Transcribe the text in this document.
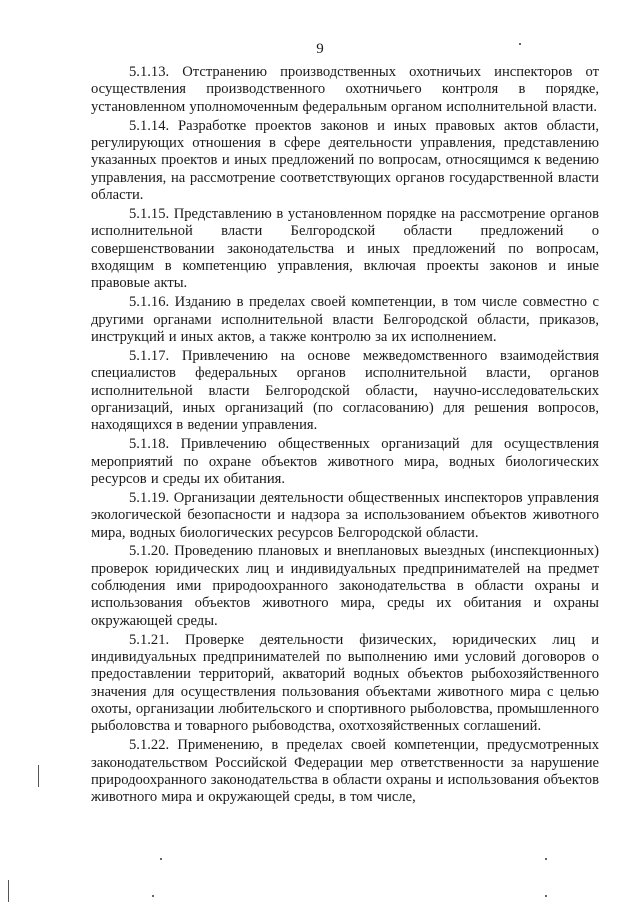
9

5.1.13. Отстранению производственных охотничьих инспекторов от осуществления производственного охотничьего контроля в порядке, установленном уполномоченным федеральным органом исполнительной власти.

5.1.14. Разработке проектов законов и иных правовых актов области, регулирующих отношения в сфере деятельности управления, представлению указанных проектов и иных предложений по вопросам, относящимся к ведению управления, на рассмотрение соответствующих органов государственной власти области.

5.1.15. Представлению в установленном порядке на рассмотрение органов исполнительной власти Белгородской области предложений о совершенствовании законодательства и иных предложений по вопросам, входящим в компетенцию управления, включая проекты законов и иные правовые акты.

5.1.16. Изданию в пределах своей компетенции, в том числе совместно с другими органами исполнительной власти Белгородской области, приказов, инструкций и иных актов, а также контролю за их исполнением.

5.1.17. Привлечению на основе межведомственного взаимодействия специалистов федеральных органов исполнительной власти, органов исполнительной власти Белгородской области, научно-исследовательских организаций, иных организаций (по согласованию) для решения вопросов, находящихся в ведении управления.

5.1.18. Привлечению общественных организаций для осуществления мероприятий по охране объектов животного мира, водных биологических ресурсов и среды их обитания.

5.1.19. Организации деятельности общественных инспекторов управления экологической безопасности и надзора за использованием объектов животного мира, водных биологических ресурсов Белгородской области.

5.1.20. Проведению плановых и внеплановых выездных (инспекционных) проверок юридических лиц и индивидуальных предпринимателей на предмет соблюдения ими природоохранного законодательства в области охраны и использования объектов животного мира, среды их обитания и охраны окружающей среды.

5.1.21. Проверке деятельности физических, юридических лиц и индивидуальных предпринимателей по выполнению ими условий договоров о предоставлении территорий, акваторий водных объектов рыбохозяйственного значения для осуществления пользования объектами животного мира с целью охоты, организации любительского и спортивного рыболовства, промышленного рыболовства и товарного рыбоводства, охотхозяйственных соглашений.

5.1.22. Применению, в пределах своей компетенции, предусмотренных законодательством Российской Федерации мер ответственности за нарушение природоохранного законодательства в области охраны и использования объектов животного мира и окружающей среды, в том числе,
